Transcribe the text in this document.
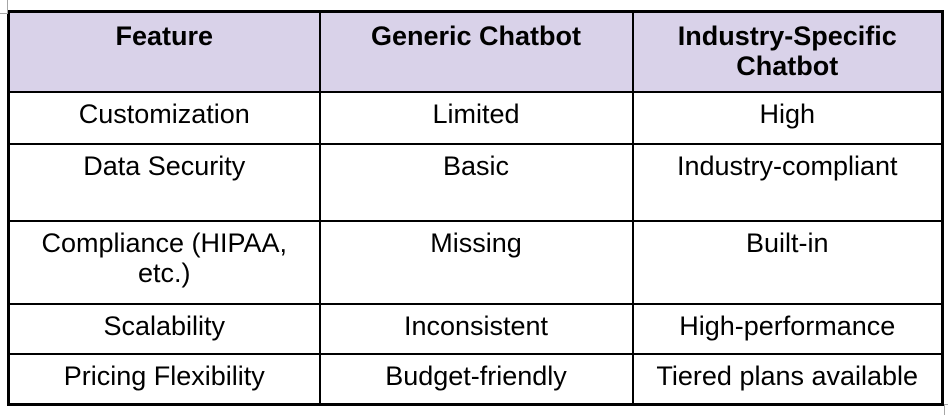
Feature	Generic Chatbot	Industry-Specific Chatbot
Customization	Limited	High
Data Security	Basic	Industry-compliant
Compliance (HIPAA, etc.)	Missing	Built-in
Scalability	Inconsistent	High-performance
Pricing Flexibility	Budget-friendly	Tiered plans available
